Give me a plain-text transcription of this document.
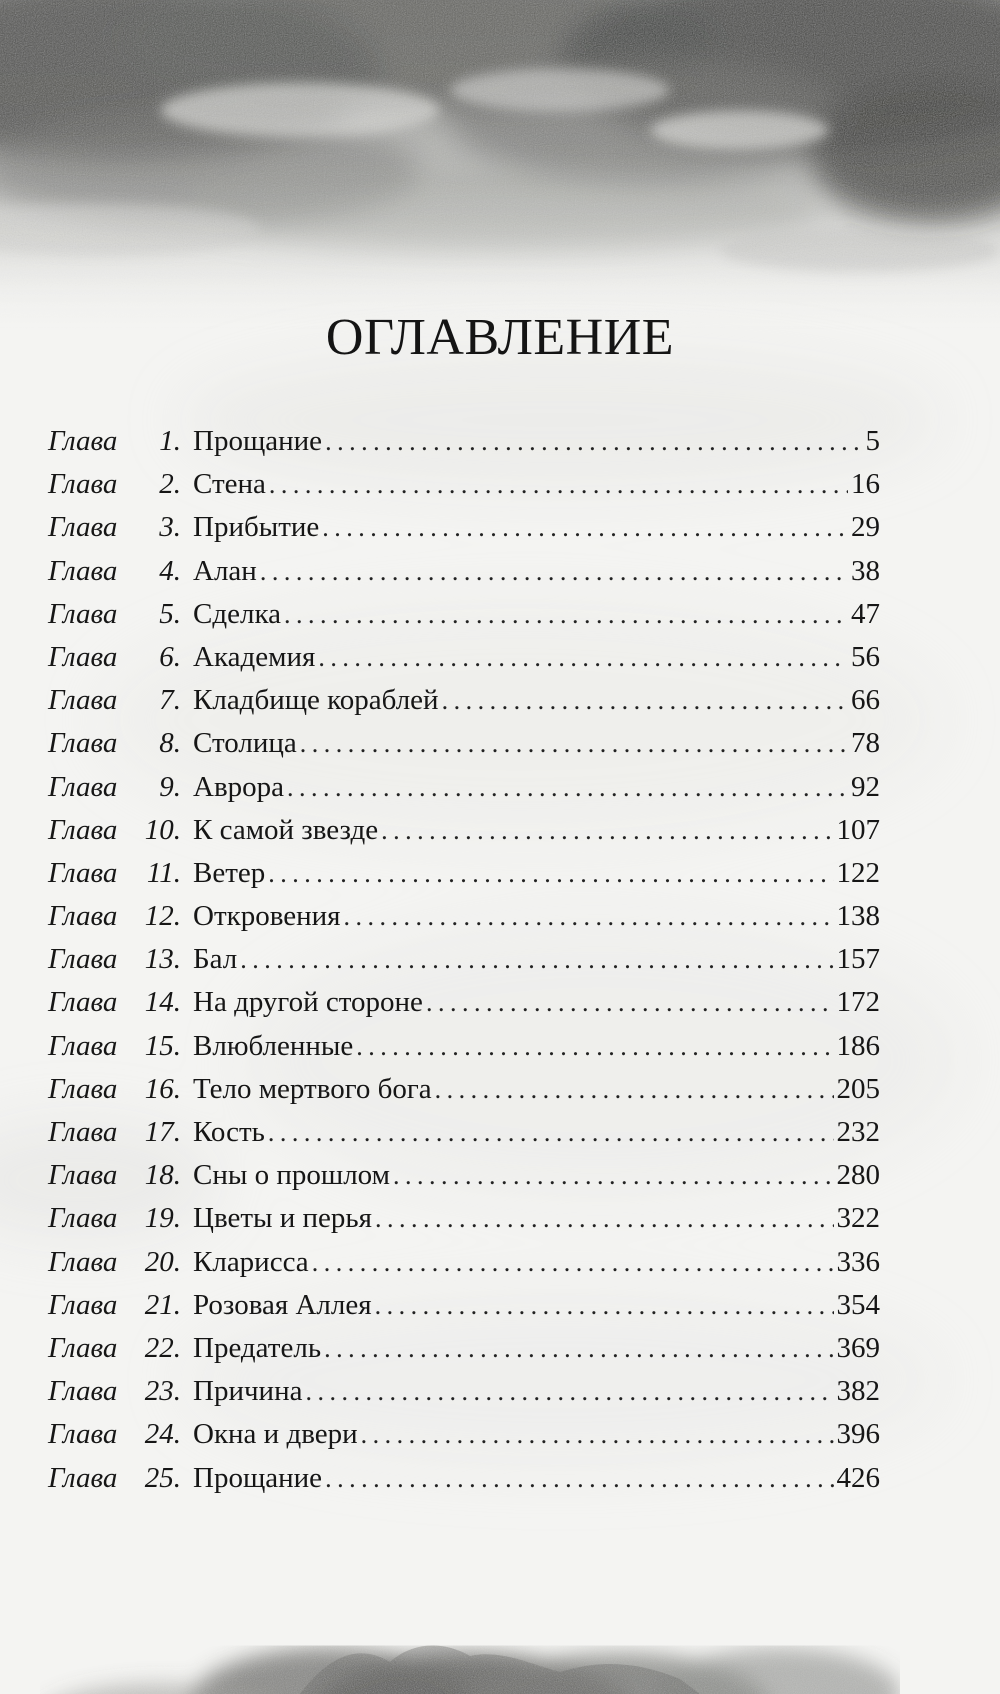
ОГЛАВЛЕНИЕ
Глава	1. Прощание . . .	5
Глава	2. Стена . . .	16
Глава	3. Прибытие . . .	29
Глава	4. Алан . . .	38
Глава	5. Сделка . . .	47
Глава	6. Академия . . .	56
Глава	7. Кладбище кораблей . . .	66
Глава	8. Столица . . .	78
Глава	9. Аврора . . .	92
Глава 10. К самой звезде . . .	107
Глава	11. Ветер . . .	122
Глава 12. Откровения . . .	138
Глава 13. Бал . . .	157
Глава 14. На другой стороне . . .	172
Глава 15. Влюбленные . . .	186
Глава 16. Тело мертвого бога . . .	205
Глава 17. Кость . . .	232
Глава 18. Сны о прошлом . . .	280
Глава 19. Цветы и перья . . .	322
Глава 20. Кларисса . . .	336
Глава 21. Розовая Аллея . . .	354
Глава 22. Предатель . . .	369
Глава 23. Причина . . .	382
Глава 24. Окна и двери . . .	396
Глава 25. Прощание . . .	426
